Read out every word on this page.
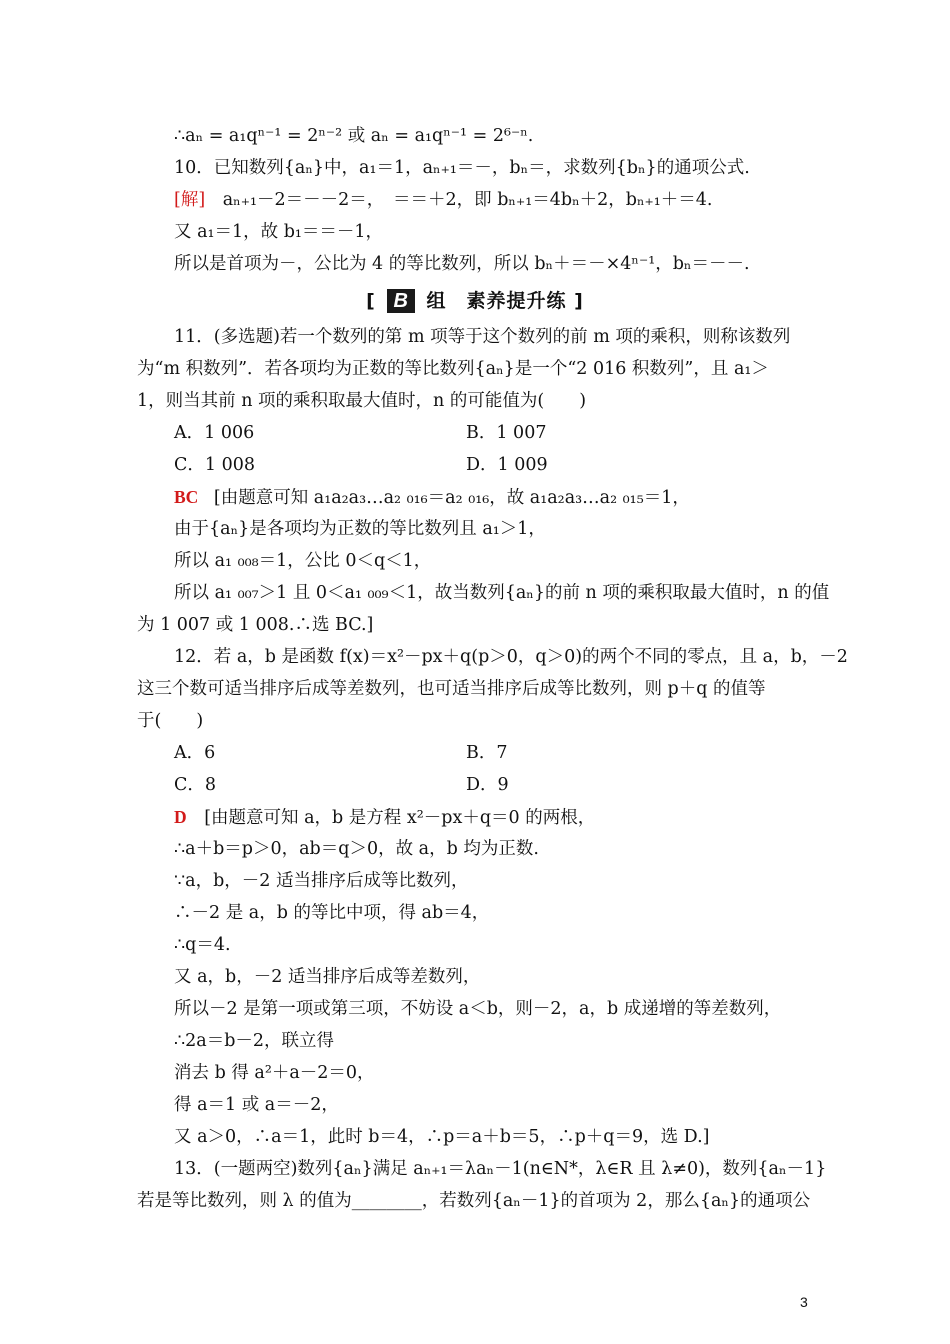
∴aₙ = a₁qⁿ⁻¹ = 2ⁿ⁻² 或 aₙ = a₁qⁿ⁻¹ = 2⁶⁻ⁿ.
10．已知数列{aₙ}中，a₁＝1，aₙ₊₁＝－，bₙ＝，求数列{bₙ}的通项公式.
[解] aₙ₊₁－2＝－－2＝，　＝＝＋2，即 bₙ₊₁＝4bₙ＋2，bₙ₊₁＋＝4.
又 a₁＝1，故 b₁＝＝－1，
所以是首项为－，公比为 4 的等比数列，所以 bₙ＋＝－×4ⁿ⁻¹，bₙ＝－－.
[ B 组　素养提升练 ]
11．(多选题)若一个数列的第 m 项等于这个数列的前 m 项的乘积，则称该数列
为“m 积数列”．若各项均为正数的等比数列{aₙ}是一个“2 016 积数列”，且 a₁＞
1，则当其前 n 项的乘积取最大值时，n 的可能值为(　　)
A．1 006	B．1 007
C．1 008	D．1 009
BC [由题意可知 a₁a₂a₃…a₂ ₀₁₆＝a₂ ₀₁₆，故 a₁a₂a₃…a₂ ₀₁₅＝1，
由于{aₙ}是各项均为正数的等比数列且 a₁＞1，
所以 a₁ ₀₀₈＝1，公比 0＜q＜1，
所以 a₁ ₀₀₇＞1 且 0＜a₁ ₀₀₉＜1，故当数列{aₙ}的前 n 项的乘积取最大值时，n 的值
为 1 007 或 1 008.∴选 BC.]
12．若 a，b 是函数 f(x)＝x²－px＋q(p＞0，q＞0)的两个不同的零点，且 a，b，－2
这三个数可适当排序后成等差数列，也可适当排序后成等比数列，则 p＋q 的值等
于(　　)
A．6	B．7
C．8	D．9
D [由题意可知 a，b 是方程 x²－px＋q＝0 的两根，
∴a＋b＝p＞0，ab＝q＞0，故 a，b 均为正数.
∵a，b，－2 适当排序后成等比数列，
∴－2 是 a，b 的等比中项，得 ab＝4，
∴q＝4.
又 a，b，－2 适当排序后成等差数列，
所以－2 是第一项或第三项，不妨设 a＜b，则－2，a，b 成递增的等差数列，
∴2a＝b－2，联立得
消去 b 得 a²＋a－2＝0，
得 a＝1 或 a＝－2，
又 a＞0，∴a＝1，此时 b＝4，∴p＝a＋b＝5，∴p＋q＝9，选 D.]
13．(一题两空)数列{aₙ}满足 aₙ₊₁＝λaₙ－1(n∈N*，λ∈R 且 λ≠0)，数列{aₙ－1}
若是等比数列，则 λ 的值为________，若数列{aₙ－1}的首项为 2，那么{aₙ}的通项公
3
